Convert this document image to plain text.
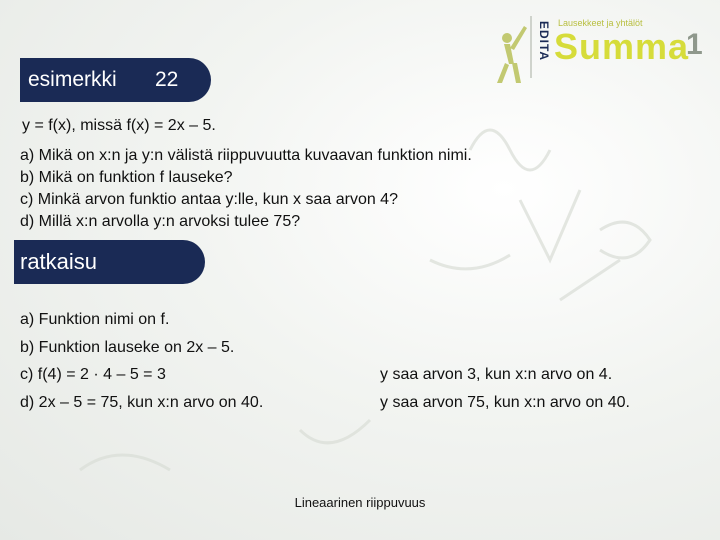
EDITA Lausekkeet ja yhtälöt
Summa
1
esimerkki 22
y = f(x), missä f(x) = 2x – 5.
a) Mikä on x:n ja y:n välistä riippuvuutta kuvaavan funktion nimi.
b) Mikä on funktion f lauseke?
c) Minkä arvon funktio antaa y:lle, kun x saa arvon 4?
d) Millä x:n arvolla y:n arvoksi tulee 75?
ratkaisu
a) Funktion nimi on f.
b) Funktion lauseke on 2x – 5.
c) f(4) = 2 · 4 – 5 = 3
d) 2x – 5 = 75, kun x:n arvo on 40.
y saa arvon 3, kun x:n arvo on 4.
y saa arvon 75, kun x:n arvo on 40.
Lineaarinen riippuvuus
